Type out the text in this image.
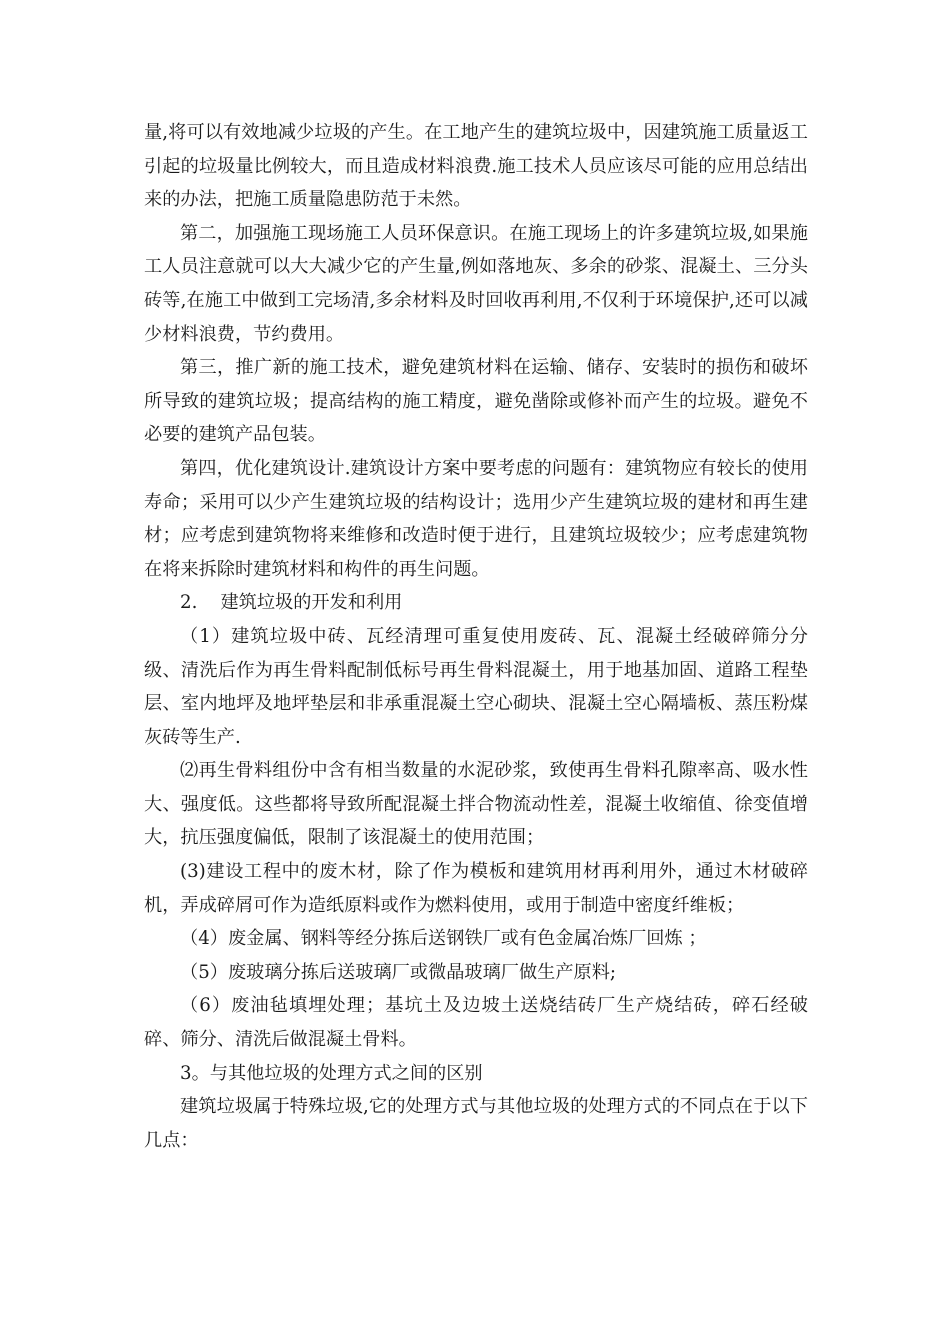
量,将可以有效地减少垃圾的产生。在工地产生的建筑垃圾中，因建筑施工质量返工引起的垃圾量比例较大，而且造成材料浪费.施工技术人员应该尽可能的应用总结出来的办法，把施工质量隐患防范于未然。

第二，加强施工现场施工人员环保意识。在施工现场上的许多建筑垃圾,如果施工人员注意就可以大大减少它的产生量,例如落地灰、多余的砂浆、混凝土、三分头砖等,在施工中做到工完场清,多余材料及时回收再利用,不仅利于环境保护,还可以减少材料浪费，节约费用。

第三，推广新的施工技术，避免建筑材料在运输、储存、安装时的损伤和破坏所导致的建筑垃圾；提高结构的施工精度，避免凿除或修补而产生的垃圾。避免不必要的建筑产品包装。

第四，优化建筑设计.建筑设计方案中要考虑的问题有：建筑物应有较长的使用寿命；采用可以少产生建筑垃圾的结构设计；选用少产生建筑垃圾的建材和再生建材；应考虑到建筑物将来维修和改造时便于进行，且建筑垃圾较少；应考虑建筑物在将来拆除时建筑材料和构件的再生问题。

2.    建筑垃圾的开发和利用

（1）建筑垃圾中砖、瓦经清理可重复使用废砖、瓦、混凝土经破碎筛分分级、清洗后作为再生骨料配制低标号再生骨料混凝土，用于地基加固、道路工程垫层、室内地坪及地坪垫层和非承重混凝土空心砌块、混凝土空心隔墙板、蒸压粉煤灰砖等生产.

⑵再生骨料组份中含有相当数量的水泥砂浆，致使再生骨料孔隙率高、吸水性大、强度低。这些都将导致所配混凝土拌合物流动性差，混凝土收缩值、徐变值增大，抗压强度偏低，限制了该混凝土的使用范围；

(3)建设工程中的废木材，除了作为模板和建筑用材再利用外，通过木材破碎机，弄成碎屑可作为造纸原料或作为燃料使用，或用于制造中密度纤维板；

（4）废金属、钢料等经分拣后送钢铁厂或有色金属冶炼厂回炼 ；

（5）废玻璃分拣后送玻璃厂或微晶玻璃厂做生产原料;

（6）废油毡填埋处理；基坑土及边坡土送烧结砖厂生产烧结砖，碎石经破碎、筛分、清洗后做混凝土骨料。

3。与其他垃圾的处理方式之间的区别

建筑垃圾属于特殊垃圾,它的处理方式与其他垃圾的处理方式的不同点在于以下几点：
